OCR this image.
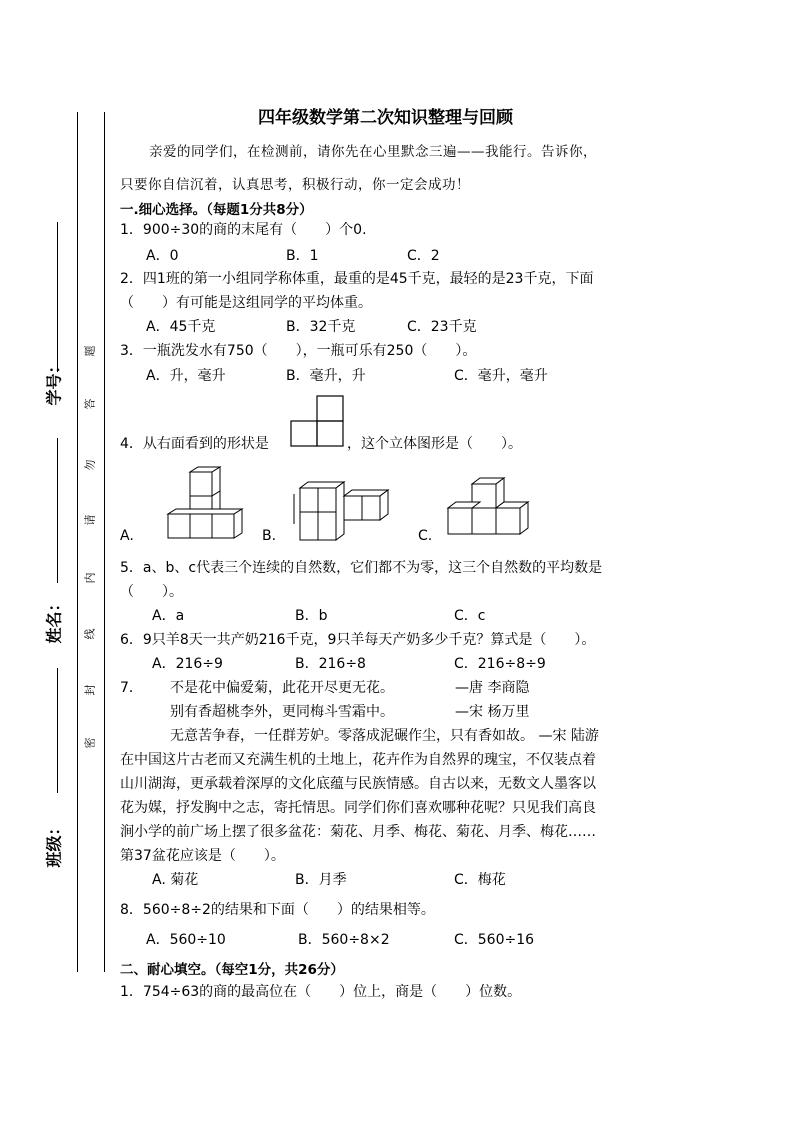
学号：
姓名：
班级：
题
答
勿
请
内
线
封
密
四年级数学第二次知识整理与回顾
亲爱的同学们，在检测前，请你先在心里默念三遍——我能行。告诉你，
只要你自信沉着，认真思考，积极行动，你一定会成功！
一.细心选择。（每题1分共8分）
1．900÷30的商的末尾有（　　）个0.
A．0	B．1	C．2
2．四1班的第一小组同学称体重，最重的是45千克，最轻的是23千克，下面
（　　）有可能是这组同学的平均体重。
A．45千克	B．32千克	C．23千克
3．一瓶洗发水有750（　　），一瓶可乐有250（　　）。
A．升，毫升	B．毫升，升	C．毫升，毫升
4．从右面看到的形状是	，这个立体图形是（　　）。
A.	B.	C.
5．a、b、c代表三个连续的自然数，它们都不为零，这三个自然数的平均数是
（　　）。
A．a	B．b	C．c
6．9只羊8天一共产奶216千克，9只羊每天产奶多少千克？算式是（　　）。
A．216÷9	B．216÷8	C．216÷8÷9
7． 不是花中偏爱菊，此花开尽更无花。	—唐 李商隐
别有香超桃李外，更同梅斗雪霜中。	—宋 杨万里
无意苦争春，一任群芳妒。零落成泥碾作尘，只有香如故。 —宋 陆游
在中国这片古老而又充满生机的土地上，花卉作为自然界的瑰宝，不仅装点着
山川湖海，更承载着深厚的文化底蕴与民族情感。自古以来，无数文人墨客以
花为媒，抒发胸中之志，寄托情思。同学们你们喜欢哪种花呢？只见我们高良
涧小学的前广场上摆了很多盆花：菊花、月季、梅花、菊花、月季、梅花……
第37盆花应该是（　　）。
A. 菊花	B．月季	C．梅花
8．560÷8÷2的结果和下面（　　）的结果相等。
A．560÷10	B．560÷8×2	C．560÷16
二、耐心填空。（每空1分，共26分）
1．754÷63的商的最高位在（　　）位上，商是（　　）位数。
